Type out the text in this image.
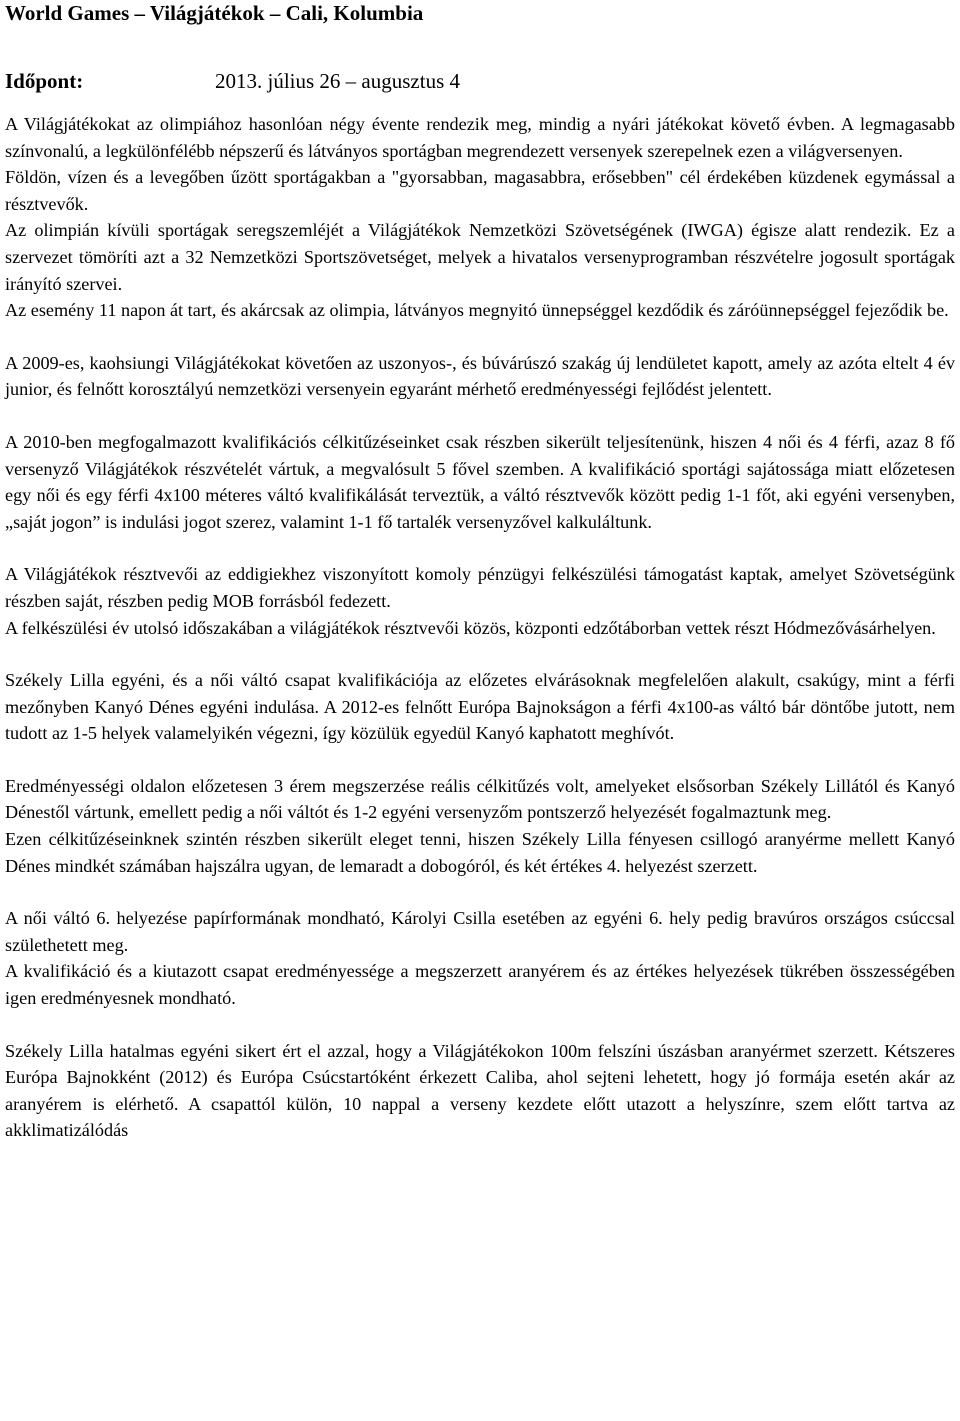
World Games – Világjátékok – Cali, Kolumbia
Időpont:	2013. július 26 – augusztus 4

A Világjátékokat az olimpiához hasonlóan négy évente rendezik meg, mindig a nyári játékokat követő évben. A legmagasabb színvonalú, a legkülönfélébb népszerű és látványos sportágban megrendezett versenyek szerepelnek ezen a világversenyen.

Földön, vízen és a levegőben űzött sportágakban a "gyorsabban, magasabbra, erősebben" cél érdekében küzdenek egymással a résztvevők.

Az olimpián kívüli sportágak seregszemléjét a Világjátékok Nemzetközi Szövetségének (IWGA) égisze alatt rendezik. Ez a szervezet tömöríti azt a 32 Nemzetközi Sportszövetséget, melyek a hivatalos versenyprogramban részvételre jogosult sportágak irányító szervei.

Az esemény 11 napon át tart, és akárcsak az olimpia, látványos megnyitó ünnepséggel kezdődik és záróünnepséggel fejeződik be.

A 2009-es, kaohsiungi Világjátékokat követően az uszonyos-, és búvárúszó szakág új lendületet kapott, amely az azóta eltelt 4 év junior, és felnőtt korosztályú nemzetközi versenyein egyaránt mérhető eredményességi fejlődést jelentett.

A 2010-ben megfogalmazott kvalifikációs célkitűzéseinket csak részben sikerült teljesítenünk, hiszen 4 női és 4 férfi, azaz 8 fő versenyző Világjátékok részvételét vártuk, a megvalósult 5 fővel szemben. A kvalifikáció sportági sajátossága miatt előzetesen egy női és egy férfi 4x100 méteres váltó kvalifikálását terveztük, a váltó résztvevők között pedig 1-1 főt, aki egyéni versenyben, „saját jogon” is indulási jogot szerez, valamint 1-1 fő tartalék versenyzővel kalkuláltunk.

A Világjátékok résztvevői az eddigiekhez viszonyított komoly pénzügyi felkészülési támogatást kaptak, amelyet Szövetségünk részben saját, részben pedig MOB forrásból fedezett.

A felkészülési év utolsó időszakában a világjátékok résztvevői közös, központi edzőtáborban vettek részt Hódmezővásárhelyen.

Székely Lilla egyéni, és a női váltó csapat kvalifikációja az előzetes elvárásoknak megfelelően alakult, csakúgy, mint a férfi mezőnyben Kanyó Dénes egyéni indulása. A 2012-es felnőtt Európa Bajnokságon a férfi 4x100-as váltó bár döntőbe jutott, nem tudott az 1-5 helyek valamelyikén végezni, így közülük egyedül Kanyó kaphatott meghívót.

Eredményességi oldalon előzetesen 3 érem megszerzése reális célkitűzés volt, amelyeket elsősorban Székely Lillától és Kanyó Dénestől vártunk, emellett pedig a női váltót és 1-2 egyéni versenyzőm pontszerző helyezését fogalmaztunk meg.

Ezen célkitűzéseinknek szintén részben sikerült eleget tenni, hiszen Székely Lilla fényesen csillogó aranyérme mellett Kanyó Dénes mindkét számában hajszálra ugyan, de lemaradt a dobogóról, és két értékes 4. helyezést szerzett.

A női váltó 6. helyezése papírformának mondható, Károlyi Csilla esetében az egyéni 6. hely pedig bravúros országos csúccsal születhetett meg.

A kvalifikáció és a kiutazott csapat eredményessége a megszerzett aranyérem és az értékes helyezések tükrében összességében igen eredményesnek mondható.

Székely Lilla hatalmas egyéni sikert ért el azzal, hogy a Világjátékokon 100m felszíni úszásban aranyérmet szerzett. Kétszeres Európa Bajnokként (2012) és Európa Csúcstartóként érkezett Caliba, ahol sejteni lehetett, hogy jó formája esetén akár az aranyérem is elérhető. A csapattól külön, 10 nappal a verseny kezdete előtt utazott a helyszínre, szem előtt tartva az akklimatizálódás
